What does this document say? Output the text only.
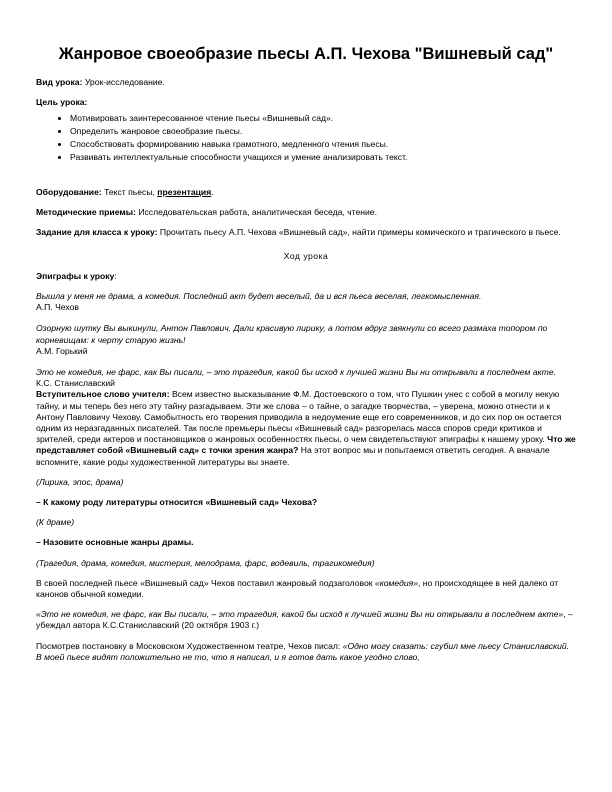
Жанровое своеобразие пьесы А.П. Чехова "Вишневый сад"

Вид урока: Урок-исследование.

Цель урока:

• Мотивировать заинтересованное чтение пьесы «Вишневый сад».
• Определить жанровое своеобразие пьесы.
• Способствовать формированию навыка грамотного, медленного чтения пьесы.
• Развивать интеллектуальные способности учащихся и умение анализировать текст.

Оборудование: Текст пьесы, презентация.

Методические приемы: Исследовательская работа, аналитическая беседа, чтение.

Задание для класса к уроку: Прочитать пьесу А.П. Чехова «Вишневый сад», найти примеры комического и трагического в пьесе.

Ход урока

Эпиграфы к уроку:

Вышла у меня не драма, а комедия. Последний акт будет веселый, да и вся пьеса веселая, легкомысленная.
А.П. Чехов
Озорную шутку Вы выкинули, Антон Павлович. Дали красивую лирику, а потом вдруг звякнули со всего размаха топором по корневищам: к черту старую жизнь!
А.М. Горький
Это не комедия, не фарс, как Вы писали, – это трагедия, какой бы исход к лучшей жизни Вы ни открывали в последнем акте.
К.С. Станиславский

Вступительное слово учителя: Всем известно высказывание Ф.М. Достоевского о том, что Пушкин унес с собой в могилу некую тайну, и мы теперь без него эту тайну разгадываем. Эти же слова – о тайне, о загадке творчества, – уверена, можно отнести и к Антону Павловичу Чехову. Самобытность его творения приводила в недоумение еще его современников, и до сих пор он остается одним из неразгаданных писателей. Так после премьеры пьесы «Вишневый сад» разгорелась масса споров среди критиков и зрителей, среди актеров и постановщиков о жанровых особенностях пьесы, о чем свидетельствуют эпиграфы к нашему уроку. Что же представляет собой «Вишневый сад» с точки зрения жанра? На этот вопрос мы и попытаемся ответить сегодня. А вначале вспомните, какие роды художественной литературы вы знаете.

(Лирика, эпос, драма)

– К какому роду литературы относится «Вишневый сад» Чехова?

(К драме)

– Назовите основные жанры драмы.

(Трагедия, драма, комедия, мистерия, мелодрама, фарс, водевиль, трагикомедия)

В своей последней пьесе «Вишневый сад» Чехов поставил жанровый подзаголовок «комедия», но происходящее в ней далеко от канонов обычной комедии.

«Это не комедия, не фарс, как Вы писали, – это трагедия, какой бы исход к лучшей жизни Вы ни открывали в последнем акте», – убеждал автора К.С.Станиславский (20 октября 1903 г.)

Посмотрев постановку в Московском Художественном театре, Чехов писал: «Одно могу сказать: сгубил мне пьесу Станиславский. В моей пьесе видят положительно не то, что я написал, и я готов дать какое угодно слово,
